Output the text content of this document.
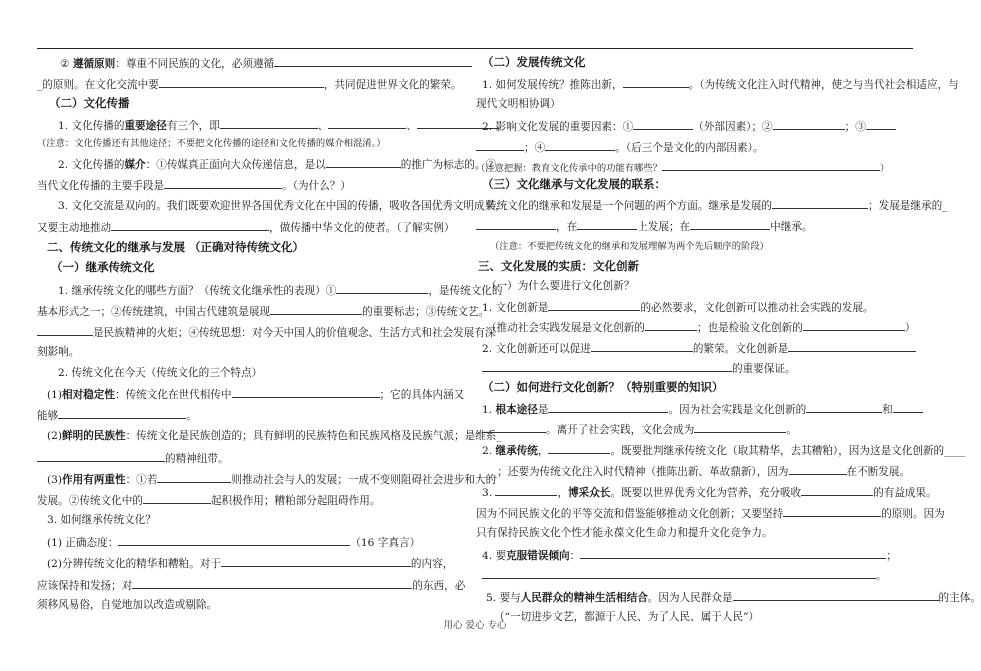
② 遵循原则：尊重不同民族的文化，必须遵循
_的原则。在文化交流中要	，共同促进世界文化的繁荣。
（二）文化传播
1. 文化传播的重要途径有三个，即	、	、
（注意：文化传播还有其他途径；不要把文化传播的途径和文化传播的媒介相混淆。）
2. 文化传播的媒介：①传媒真正面向大众传递信息，是以	的推广为标志的。②
当代文化传播的主要手段是	。（为什么？）
3. 文化交流是双向的。我们既要欢迎世界各国优秀文化在中国的传播，吸收各国优秀文明成果，
又要主动地推动	，做传播中华文化的使者。（了解实例）
二、传统文化的继承与发展 （正确对待传统文化）
（一）继承传统文化
1. 继承传统文化的哪些方面？（传统文化继承性的表现）①	，是传统文化的
基本形式之一；②传统建筑，中国古代建筑是展现	的重要标志；③传统文艺。
是民族精神的火炬；④传统思想：对今天中国人的价值观念、生活方式和社会发展有深
刻影响。
2. 传统文化在今天（传统文化的三个特点）
(1)相对稳定性：传统文化在世代相传中	；它的具体内涵又
能够	。
(2)鲜明的民族性：传统文化是民族创造的；具有鲜明的民族特色和民族风格及民族气派；是维系_
的精神纽带。
(3)作用有两重性：①若	则推动社会与人的发展；一成不变则阻碍社会进步和人的
发展。②传统文化中的	起积极作用；糟粕部分起阻碍作用。
3. 如何继承传统文化？
(1) 正确态度：	（16 字真言）
(2)分辨传统文化的精华和糟粕。对于	的内容，
应该保持和发扬；对	的东西，必
须移风易俗，自觉地加以改造或剔除。
（二）发展传统文化
1. 如何发展传统？推陈出新，	。（为传统文化注入时代精神，使之与当代社会相适应，与
现代文明相协调）
2. 影响文化发展的重要因素：①	（外部因素）；②	；③
；④	。（后三个是文化的内部因素）。
（注意把握：教育文化传承中的功能有哪些？	）
（三）文化继承与文化发展的联系：
传统文化的继承和发展是一个问题的两个方面。继承是发展的	；发展是继承的_
，在	上发展；在	中继承。
（注意：不要把传统文化的继承和发展理解为两个先后顺序的阶段）
三、文化发展的实质：文化创新
（一）为什么要进行文化创新？
1. 文化创新是	的必然要求，文化创新可以推动社会实践的发展。
（推动社会实践发展是文化创新的	；也是检验文化创新的	）
2. 文化创新还可以促进	的繁荣。文化创新是
的重要保证。
（二）如何进行文化创新？（特别重要的知识）
1. 根本途径是	。因为社会实践是文化创新的	和
。离开了社会实践，文化会成为	。
2. 继承传统，	。既要批判继承传统文化（取其精华，去其糟粕），因为这是文化创新的____
____；还要为传统文化注入时代精神（推陈出新、革故鼎新），因为	在不断发展。
3.	，博采众长。既要以世界优秀文化为营养，充分吸收	的有益成果。
因为不同民族文化的平等交流和借鉴能够推动文化创新；又要坚持	的原则。因为
只有保持民族文化个性才能永葆文化生命力和提升文化竞争力。
4. 要克服错误倾向：	；
。
5. 要与人民群众的精神生活相结合。因为人民群众是	的主体。
（“一切进步文艺，都源于人民、为了人民、属于人民”）
用心 爱心 专心
